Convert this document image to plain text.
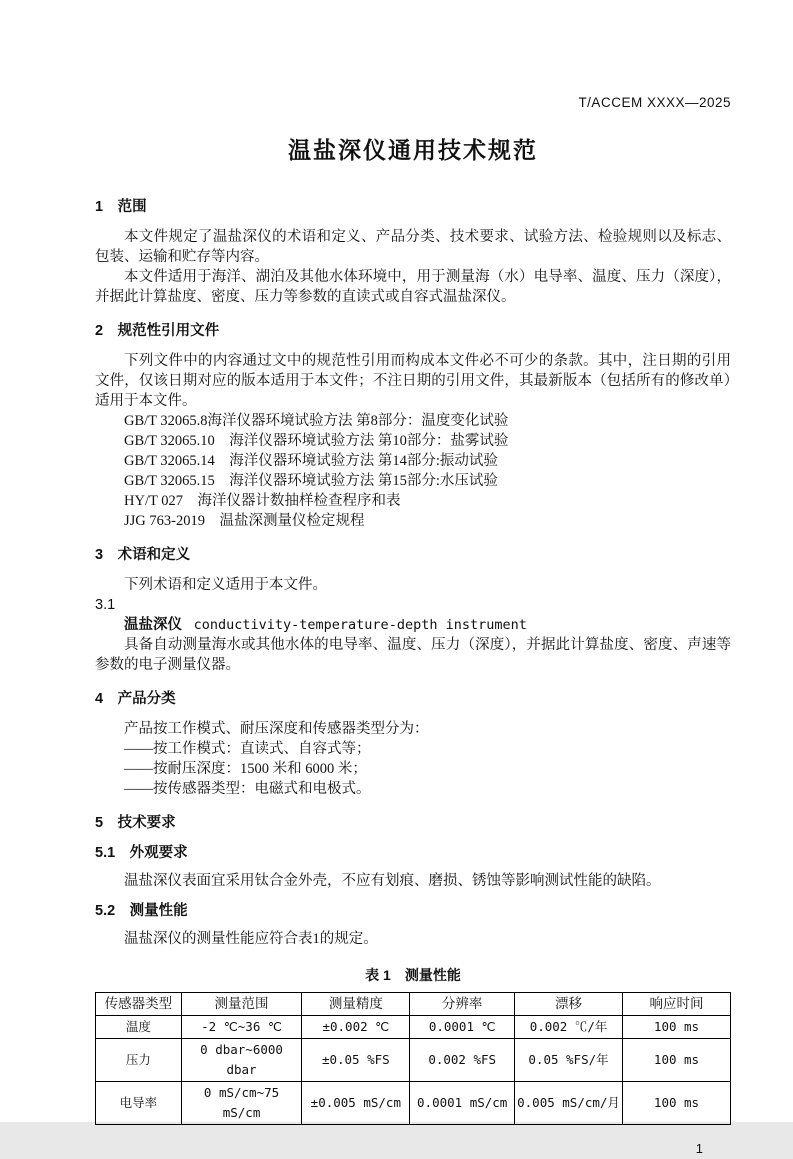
T/ACCEM XXXX—2025
温盐深仪通用技术规范
1　范围

本文件规定了温盐深仪的术语和定义、产品分类、技术要求、试验方法、检验规则以及标志、包装、运输和贮存等内容。

本文件适用于海洋、湖泊及其他水体环境中，用于测量海（水）电导率、温度、压力（深度），并据此计算盐度、密度、压力等参数的直读式或自容式温盐深仪。

2　规范性引用文件

下列文件中的内容通过文中的规范性引用而构成本文件必不可少的条款。其中，注日期的引用文件，仅该日期对应的版本适用于本文件；不注日期的引用文件，其最新版本（包括所有的修改单）适用于本文件。

GB/T 32065.8海洋仪器环境试验方法 第8部分：温度变化试验
GB/T 32065.10　海洋仪器环境试验方法 第10部分：盐雾试验
GB/T 32065.14　海洋仪器环境试验方法 第14部分:振动试验
GB/T 32065.15　海洋仪器环境试验方法 第15部分:水压试验
HY/T 027　海洋仪器计数抽样检查程序和表
JJG 763-2019　温盐深测量仪检定规程
3　术语和定义

下列术语和定义适用于本文件。

3.1
温盐深仪 conductivity-temperature-depth instrument

具备自动测量海水或其他水体的电导率、温度、压力（深度），并据此计算盐度、密度、声速等参数的电子测量仪器。

4　产品分类
产品按工作模式、耐压深度和传感器类型分为：
——按工作模式：直读式、自容式等；
——按耐压深度：1500 米和 6000 米；
——按传感器类型：电磁式和电极式。
5　技术要求
5.1　外观要求

温盐深仪表面宜采用钛合金外壳，不应有划痕、磨损、锈蚀等影响测试性能的缺陷。

5.2　测量性能

温盐深仪的测量性能应符合表1的规定。

表 1　测量性能
传感器类型	测量范围	测量精度	分辨率	漂移	响应时间
温度	-2 ℃~36 ℃	±0.002 ℃	0.0001 ℃	0.002 ℃/年	100 ms
压力	0 dbar~6000 dbar	±0.05 %FS	0.002 %FS	0.05 %FS/年	100 ms
电导率	0 mS/cm~75 mS/cm	±0.005 mS/cm	0.0001 mS/cm	0.005 mS/cm/月	100 ms
1
